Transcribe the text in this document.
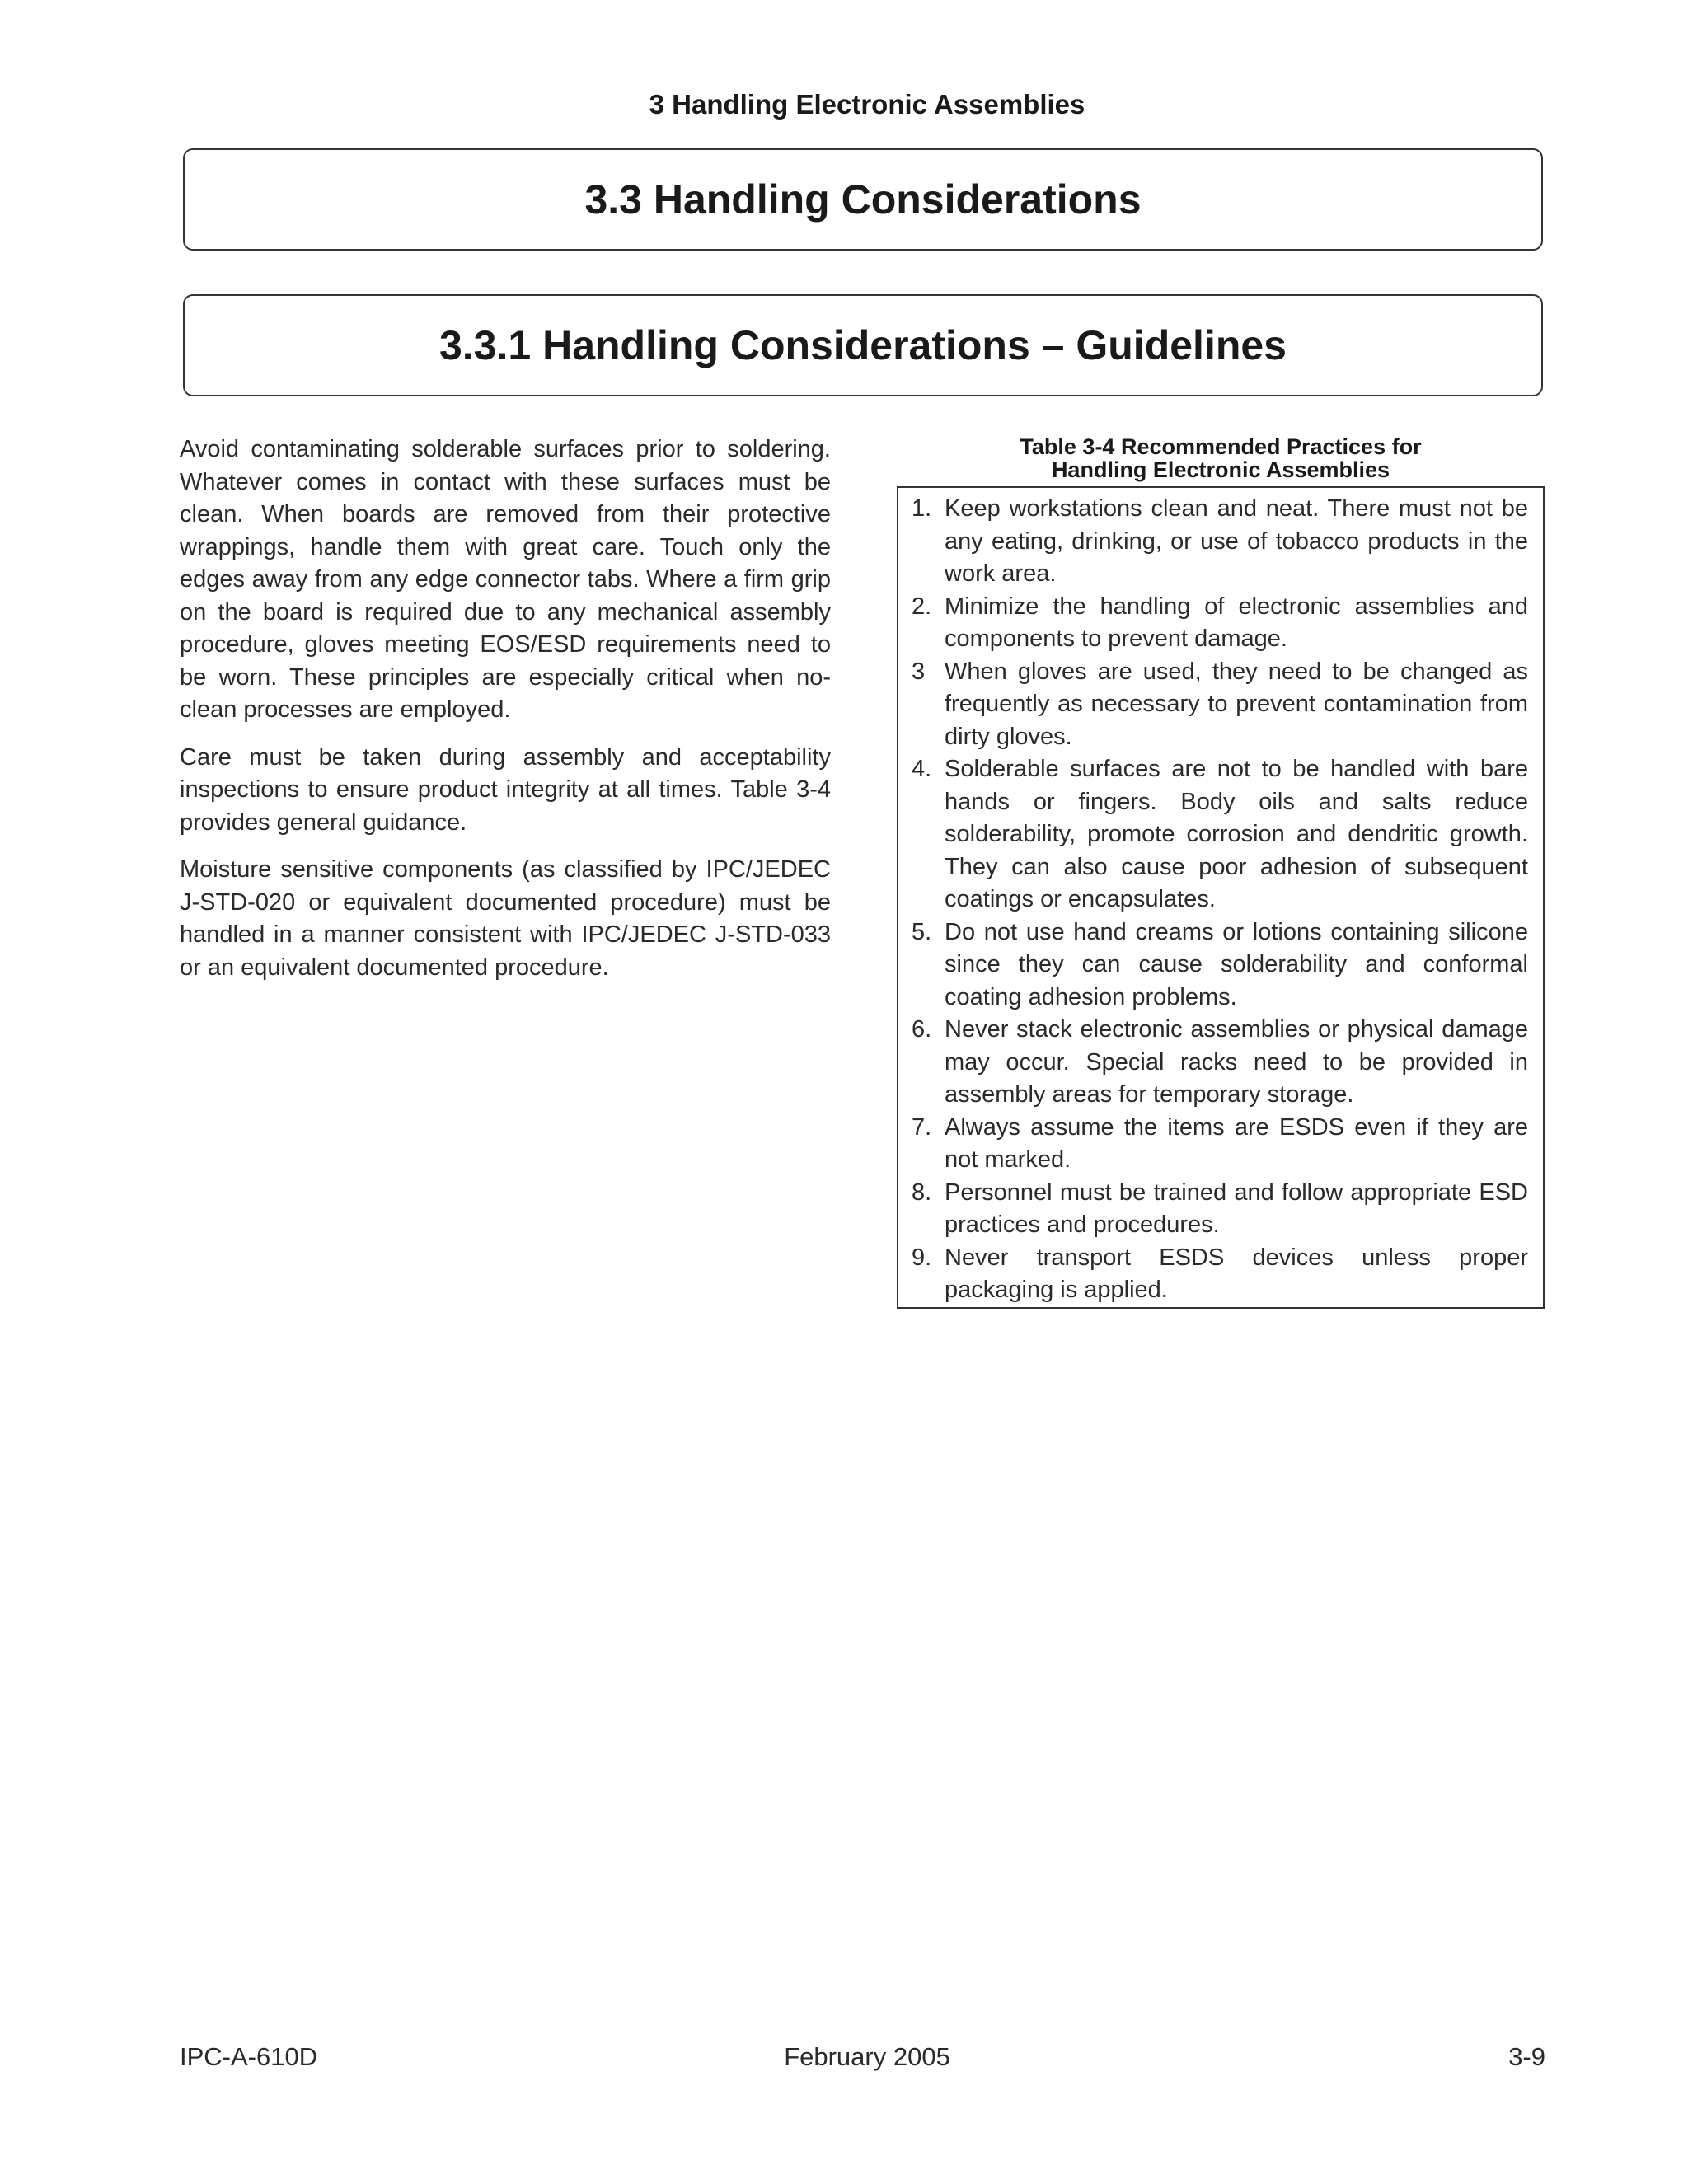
3 Handling Electronic Assemblies
3.3 Handling Considerations
3.3.1 Handling Considerations – Guidelines

Avoid contaminating solderable surfaces prior to soldering. Whatever comes in contact with these surfaces must be clean. When boards are removed from their protective wrappings, handle them with great care. Touch only the edges away from any edge connector tabs. Where a firm grip on the board is required due to any mechanical assembly procedure, gloves meeting EOS/ESD requirements need to be worn. These principles are especially critical when no-clean processes are employed.

Care must be taken during assembly and acceptability inspections to ensure product integrity at all times. Table 3-4 provides general guidance.

Moisture sensitive components (as classified by IPC/JEDEC J-STD-020 or equivalent documented procedure) must be handled in a manner consistent with IPC/JEDEC J-STD-033 or an equivalent documented procedure.

Table 3-4 Recommended Practices for
Handling Electronic Assemblies
1. Keep workstations clean and neat. There must not be any eating, drinking, or use of tobacco products in the work area.
2. Minimize the handling of electronic assemblies and components to prevent damage.
3 When gloves are used, they need to be changed as frequently as necessary to prevent contamination from dirty gloves.
4. Solderable surfaces are not to be handled with bare hands or fingers. Body oils and salts reduce solderability, promote corrosion and dendritic growth. They can also cause poor adhesion of subsequent coatings or encapsulates.
5. Do not use hand creams or lotions containing silicone since they can cause solderability and conformal coating adhesion problems.
6. Never stack electronic assemblies or physical damage may occur. Special racks need to be provided in assembly areas for temporary storage.
7. Always assume the items are ESDS even if they are not marked.
8. Personnel must be trained and follow appropriate ESD practices and procedures.
9. Never transport ESDS devices unless proper packaging is applied.
IPC-A-610D	February 2005	3-9
